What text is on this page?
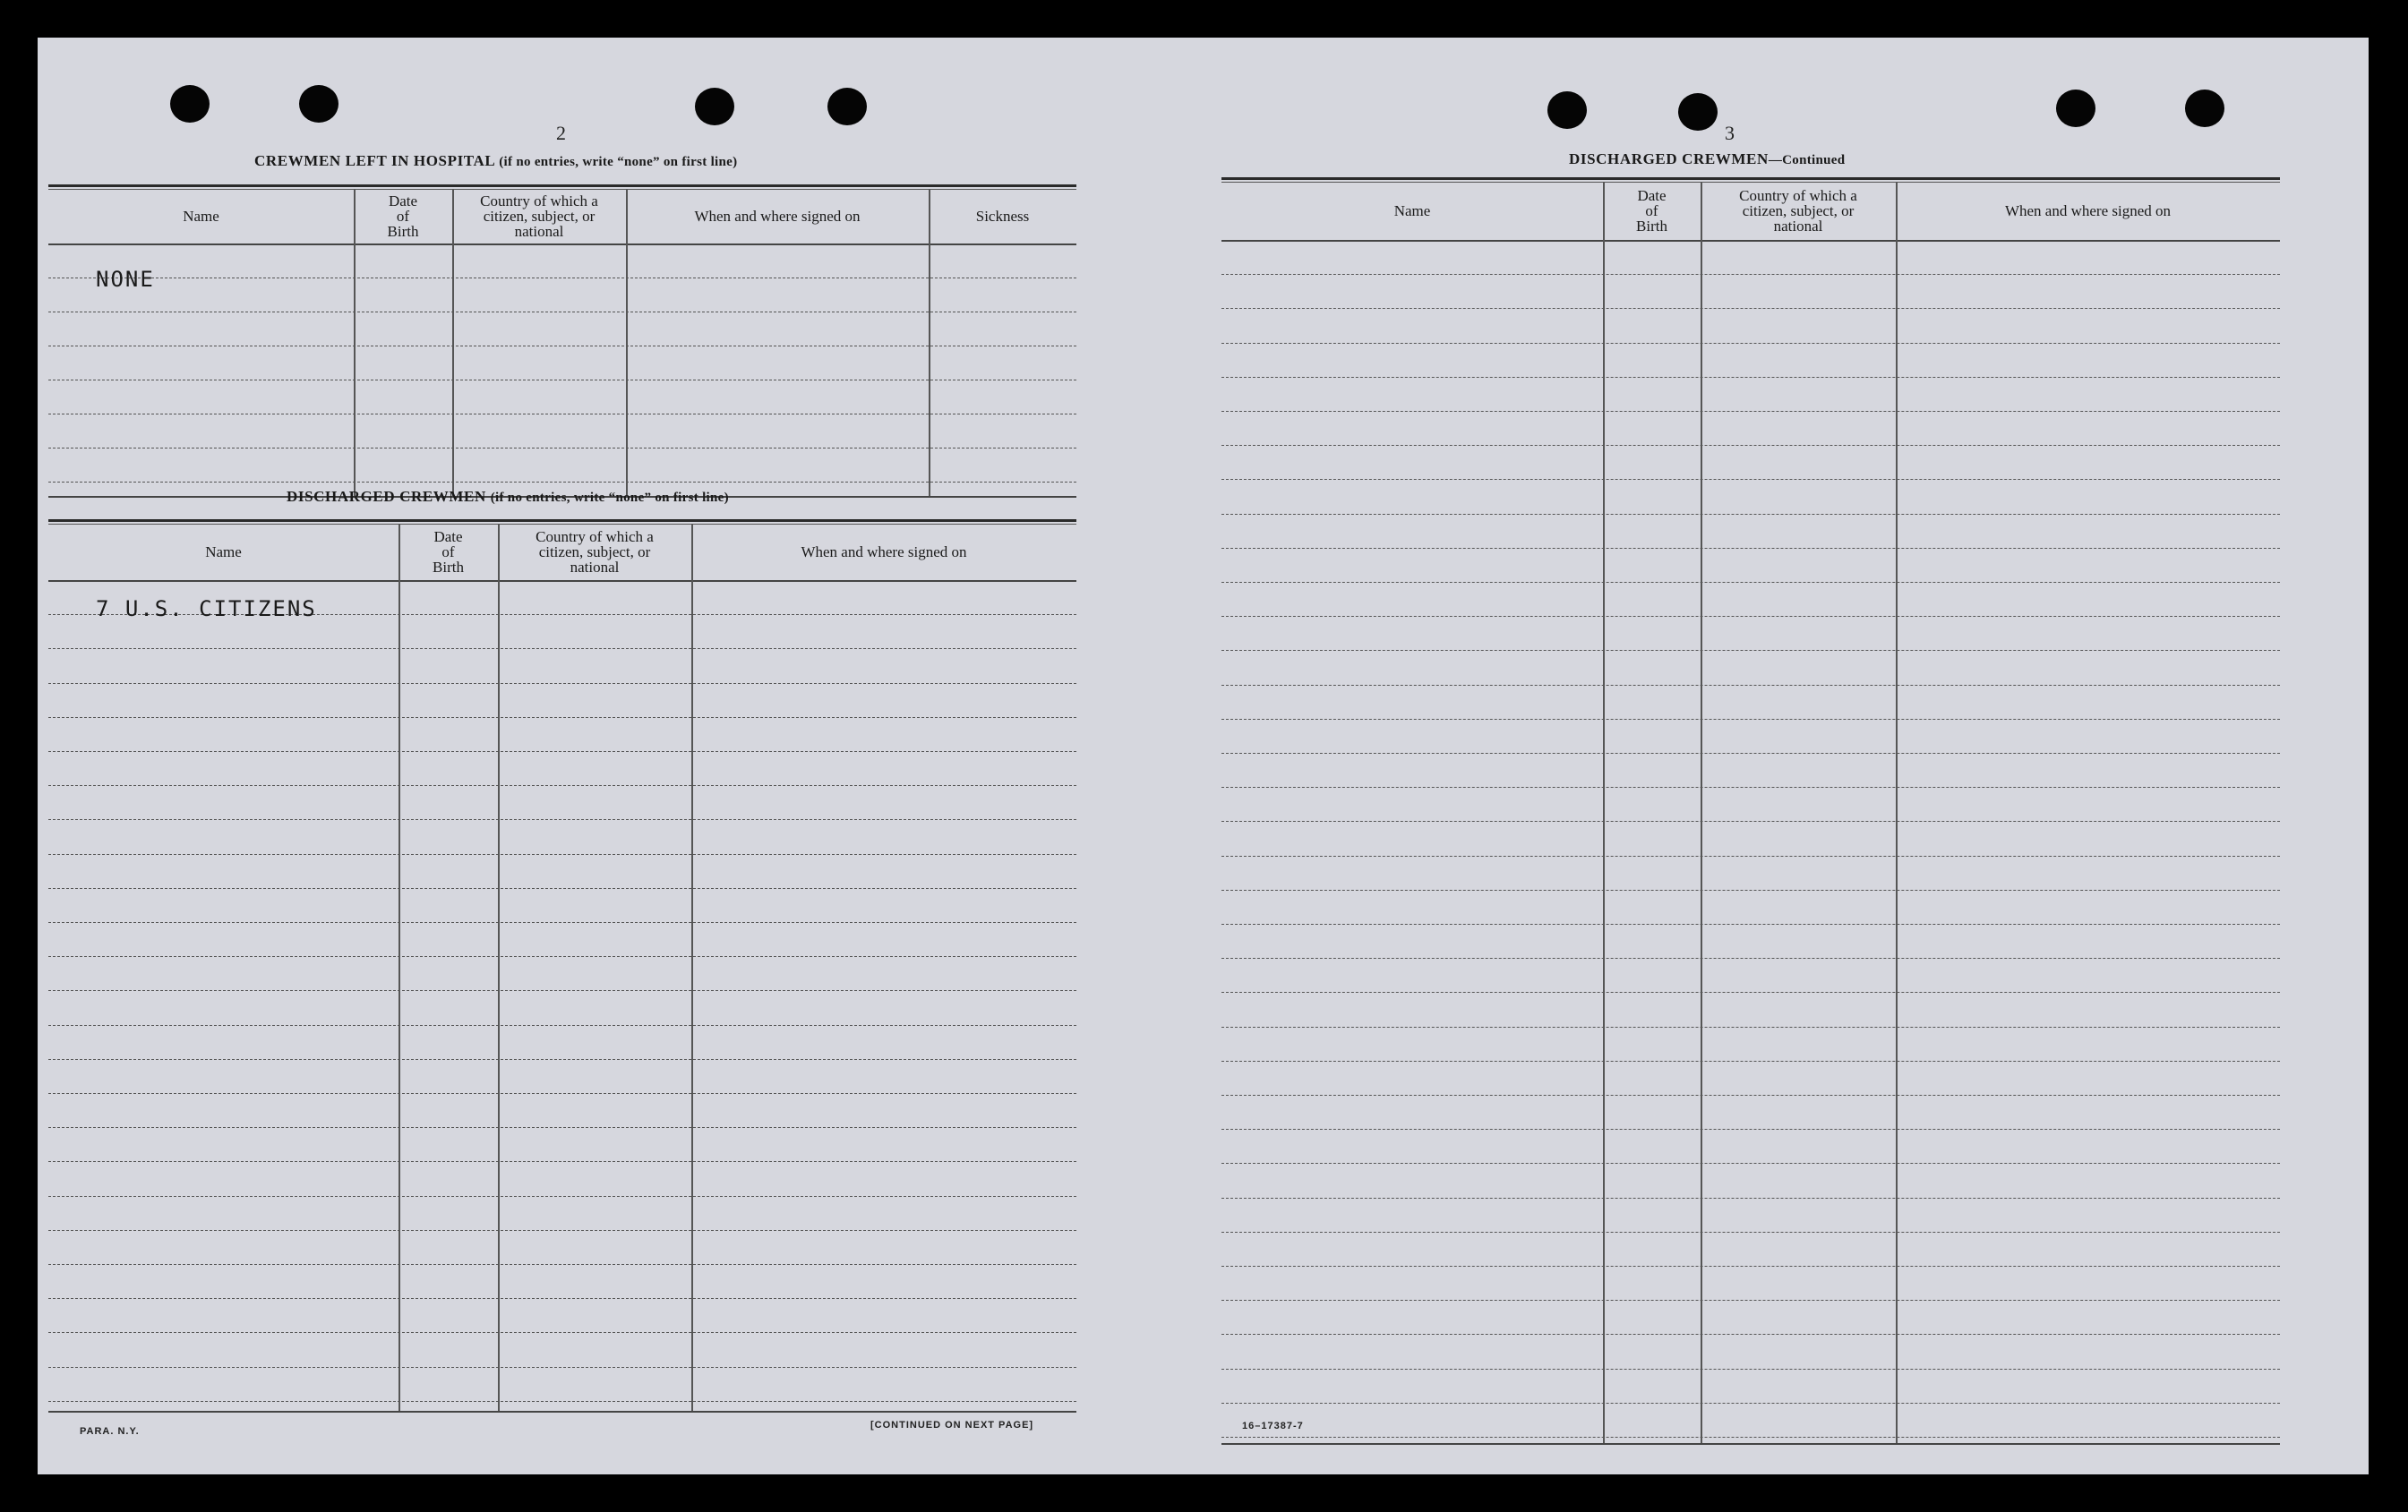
2
CREWMEN LEFT IN HOSPITAL (if no entries, write “none” on first line)
Name
Date
of
Birth
Country of which a
citizen, subject, or
national
When and where signed on	Sickness
NONE
DISCHARGED CREWMEN (if no entries, write “none” on first line)
Name
Date
of
Birth
Country of which a
citizen, subject, or
national
When and where signed on
7 U.S. CITIZENS
PARA. N.Y.
[CONTINUED ON NEXT PAGE]
3
DISCHARGED CREWMEN—Continued
Name
Date
of
Birth
Country of which a
citizen, subject, or
national
When and where signed on
16–17387-7
